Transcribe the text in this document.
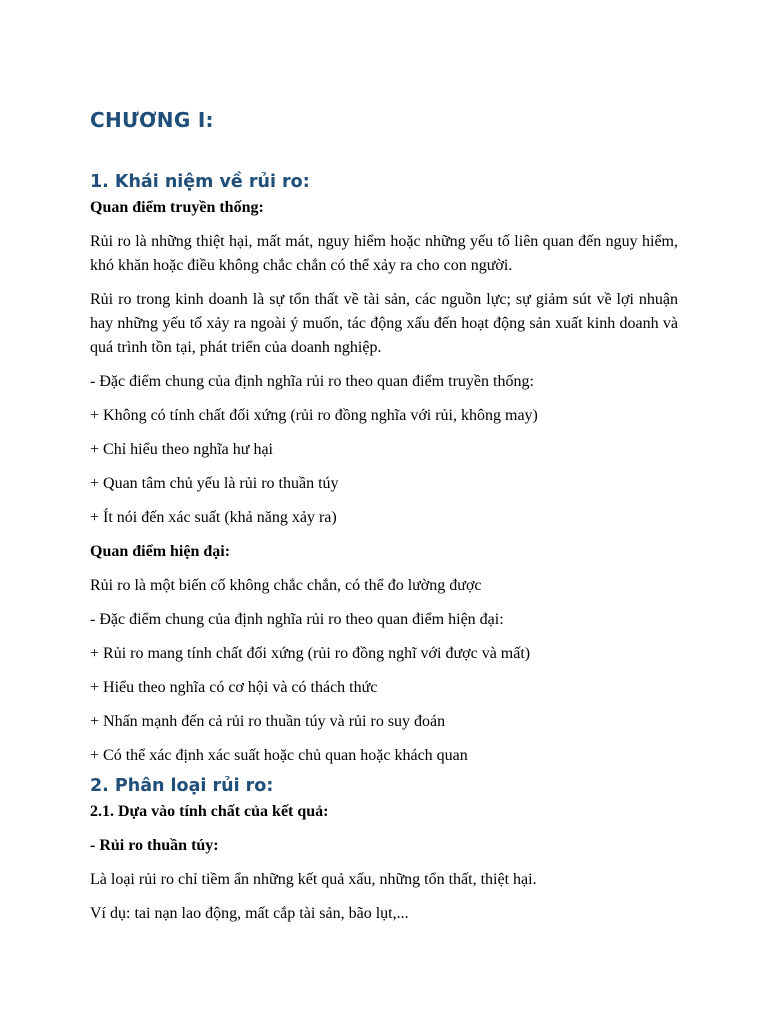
CHƯƠNG I:
1. Khái niệm về rủi ro:
Quan điểm truyền thống:
Rủi ro là những thiệt hại, mất mát, nguy hiểm hoặc những yếu tố liên quan đến nguy hiểm, khó khăn hoặc điều không chắc chắn có thể xảy ra cho con người.
Rủi ro trong kinh doanh là sự tổn thất về tài sản, các nguồn lực; sự giảm sút về lợi nhuận hay những yếu tố xảy ra ngoài ý muốn, tác động xấu đến hoạt động sản xuất kinh doanh và quá trình tồn tại, phát triển của doanh nghiệp.
- Đặc điểm chung của định nghĩa rủi ro theo quan điểm truyền thống:
+ Không có tính chất đối xứng (rủi ro đồng nghĩa với rủi, không may)
+ Chỉ hiểu theo nghĩa hư hại
+ Quan tâm chủ yếu là rủi ro thuần túy
+ Ít nói đến xác suất (khả năng xảy ra)
Quan điểm hiện đại:
Rủi ro là một biến cố không chắc chắn, có thể đo lường được
- Đặc điểm chung của định nghĩa rủi ro theo quan điểm hiện đại:
+ Rủi ro mang tính chất đối xứng (rủi ro đồng nghĩ với được và mất)
+ Hiểu theo nghĩa có cơ hội và có thách thức
+ Nhấn mạnh đến cả rủi ro thuần túy và rủi ro suy đoán
+ Có thể xác định xác suất hoặc chủ quan hoặc khách quan
2. Phân loại rủi ro:
2.1. Dựa vào tính chất của kết quả:
- Rủi ro thuần túy:
Là loại rủi ro chỉ tiềm ẩn những kết quả xấu, những tổn thất, thiệt hại.
Ví dụ: tai nạn lao động, mất cắp tài sản, bão lụt,...
